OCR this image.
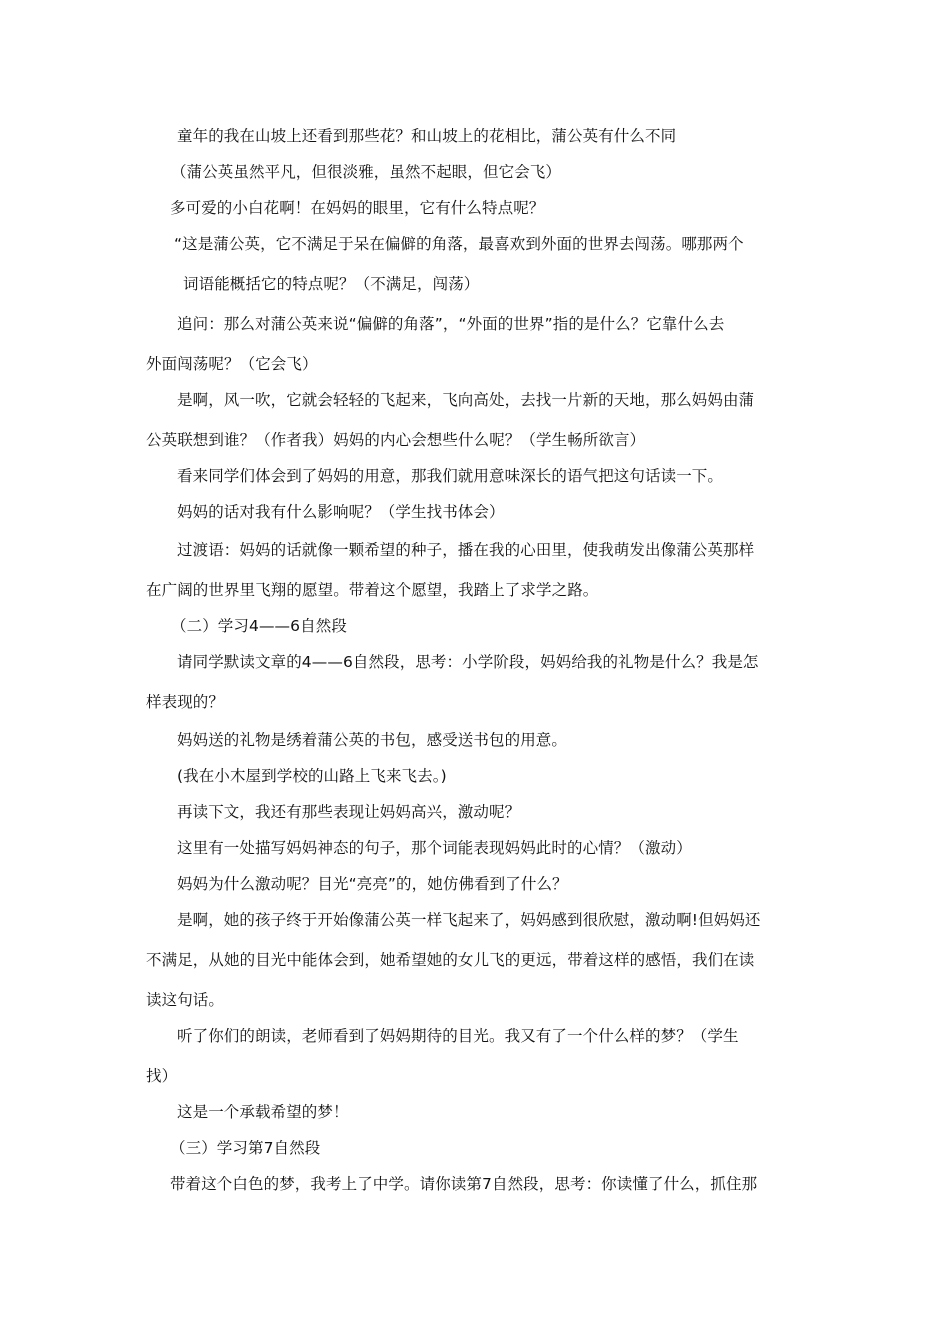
童年的我在山坡上还看到那些花？和山坡上的花相比，蒲公英有什么不同
（蒲公英虽然平凡，但很淡雅，虽然不起眼，但它会飞）
多可爱的小白花啊！在妈妈的眼里，它有什么特点呢？
“这是蒲公英，它不满足于呆在偏僻的角落，最喜欢到外面的世界去闯荡。哪那两个
词语能概括它的特点呢？（不满足，闯荡）
追问：那么对蒲公英来说“偏僻的角落”，“外面的世界”指的是什么？它靠什么去
外面闯荡呢？（它会飞）
是啊，风一吹，它就会轻轻的飞起来，飞向高处，去找一片新的天地，那么妈妈由蒲
公英联想到谁？（作者我）妈妈的内心会想些什么呢？（学生畅所欲言）
看来同学们体会到了妈妈的用意，那我们就用意味深长的语气把这句话读一下。
妈妈的话对我有什么影响呢？（学生找书体会）
过渡语：妈妈的话就像一颗希望的种子，播在我的心田里，使我萌发出像蒲公英那样
在广阔的世界里飞翔的愿望。带着这个愿望，我踏上了求学之路。
（二）学习4——6自然段
请同学默读文章的4——6自然段，思考：小学阶段，妈妈给我的礼物是什么？我是怎
样表现的？
妈妈送的礼物是绣着蒲公英的书包，感受送书包的用意。
(我在小木屋到学校的山路上飞来飞去。)
再读下文，我还有那些表现让妈妈高兴，激动呢？
这里有一处描写妈妈神态的句子，那个词能表现妈妈此时的心情？（激动）
妈妈为什么激动呢？目光“亮亮”的，她仿佛看到了什么？
是啊，她的孩子终于开始像蒲公英一样飞起来了，妈妈感到很欣慰，激动啊!但妈妈还
不满足，从她的目光中能体会到，她希望她的女儿飞的更远，带着这样的感悟，我们在读
读这句话。
听了你们的朗读，老师看到了妈妈期待的目光。我又有了一个什么样的梦？（学生
找）
这是一个承载希望的梦！
（三）学习第7自然段
带着这个白色的梦，我考上了中学。请你读第7自然段，思考：你读懂了什么，抓住那
